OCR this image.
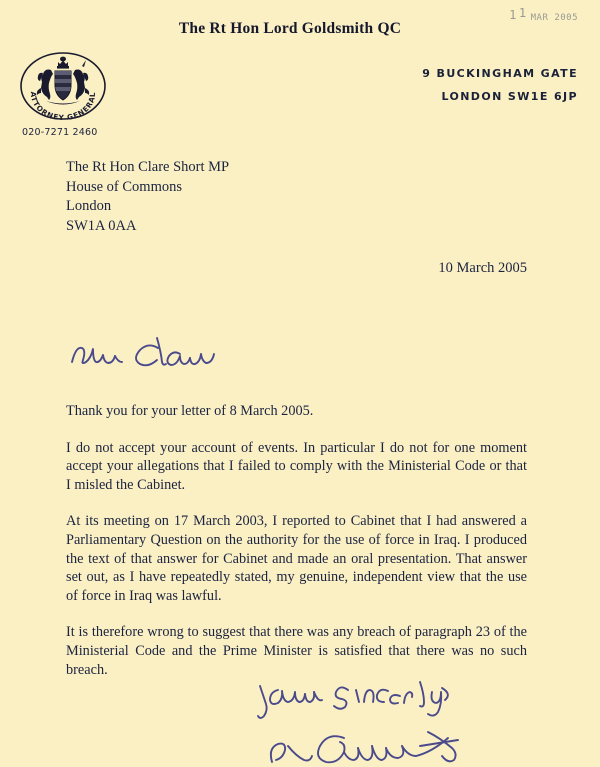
1 1 MAR 2005
The Rt Hon Lord Goldsmith QC
ATTORNEY GENERAL
020-7271 2460
9 BUCKINGHAM GATE
LONDON SW1E 6JP
The Rt Hon Clare Short MP
House of Commons
London
SW1A 0AA
10 March 2005

Thank you for your letter of 8 March 2005.

I do not accept your account of events. In particular I do not for one moment accept your allegations that I failed to comply with the Ministerial Code or that I misled the Cabinet.

At its meeting on 17 March 2003, I reported to Cabinet that I had answered a Parliamentary Question on the authority for the use of force in Iraq. I produced the text of that answer for Cabinet and made an oral presentation. That answer set out, as I have repeatedly stated, my genuine, independent view that the use of force in Iraq was lawful.

It is therefore wrong to suggest that there was any breach of paragraph 23 of the Ministerial Code and the Prime Minister is satisfied that there was no such breach.
